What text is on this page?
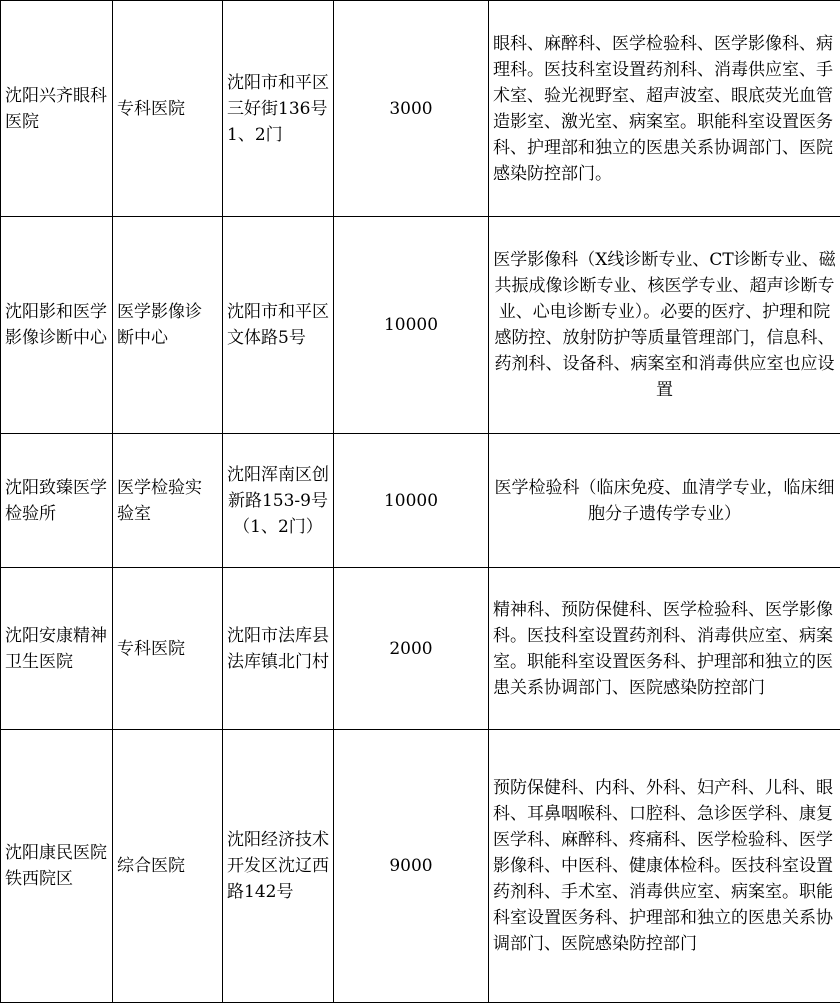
沈阳兴齐眼科医院	专科医院	沈阳市和平区三好街136号1、2门	3000	眼科、麻醉科、医学检验科、医学影像科、病理科。医技科室设置药剂科、消毒供应室、手术室、验光视野室、超声波室、眼底荧光血管造影室、激光室、病案室。职能科室设置医务科、护理部和独立的医患关系协调部门、医院感染防控部门。
沈阳影和医学影像诊断中心	医学影像诊断中心	沈阳市和平区文体路5号	10000	医学影像科（X线诊断专业、CT诊断专业、磁共振成像诊断专业、核医学专业、超声诊断专业、心电诊断专业）。必要的医疗、护理和院感防控、放射防护等质量管理部门，信息科、药剂科、设备科、病案室和消毒供应室也应设置
沈阳致臻医学检验所	医学检验实验室	沈阳浑南区创新路153-9号（1、2门）	10000	医学检验科（临床免疫、血清学专业，临床细胞分子遗传学专业）
沈阳安康精神卫生医院	专科医院	沈阳市法库县法库镇北门村	2000	精神科、预防保健科、医学检验科、医学影像科。医技科室设置药剂科、消毒供应室、病案室。职能科室设置医务科、护理部和独立的医患关系协调部门、医院感染防控部门
沈阳康民医院铁西院区	综合医院	沈阳经济技术开发区沈辽西路142号	9000	预防保健科、内科、外科、妇产科、儿科、眼科、耳鼻咽喉科、口腔科、急诊医学科、康复医学科、麻醉科、疼痛科、医学检验科、医学影像科、中医科、健康体检科。医技科室设置药剂科、手术室、消毒供应室、病案室。职能科室设置医务科、护理部和独立的医患关系协调部门、医院感染防控部门
